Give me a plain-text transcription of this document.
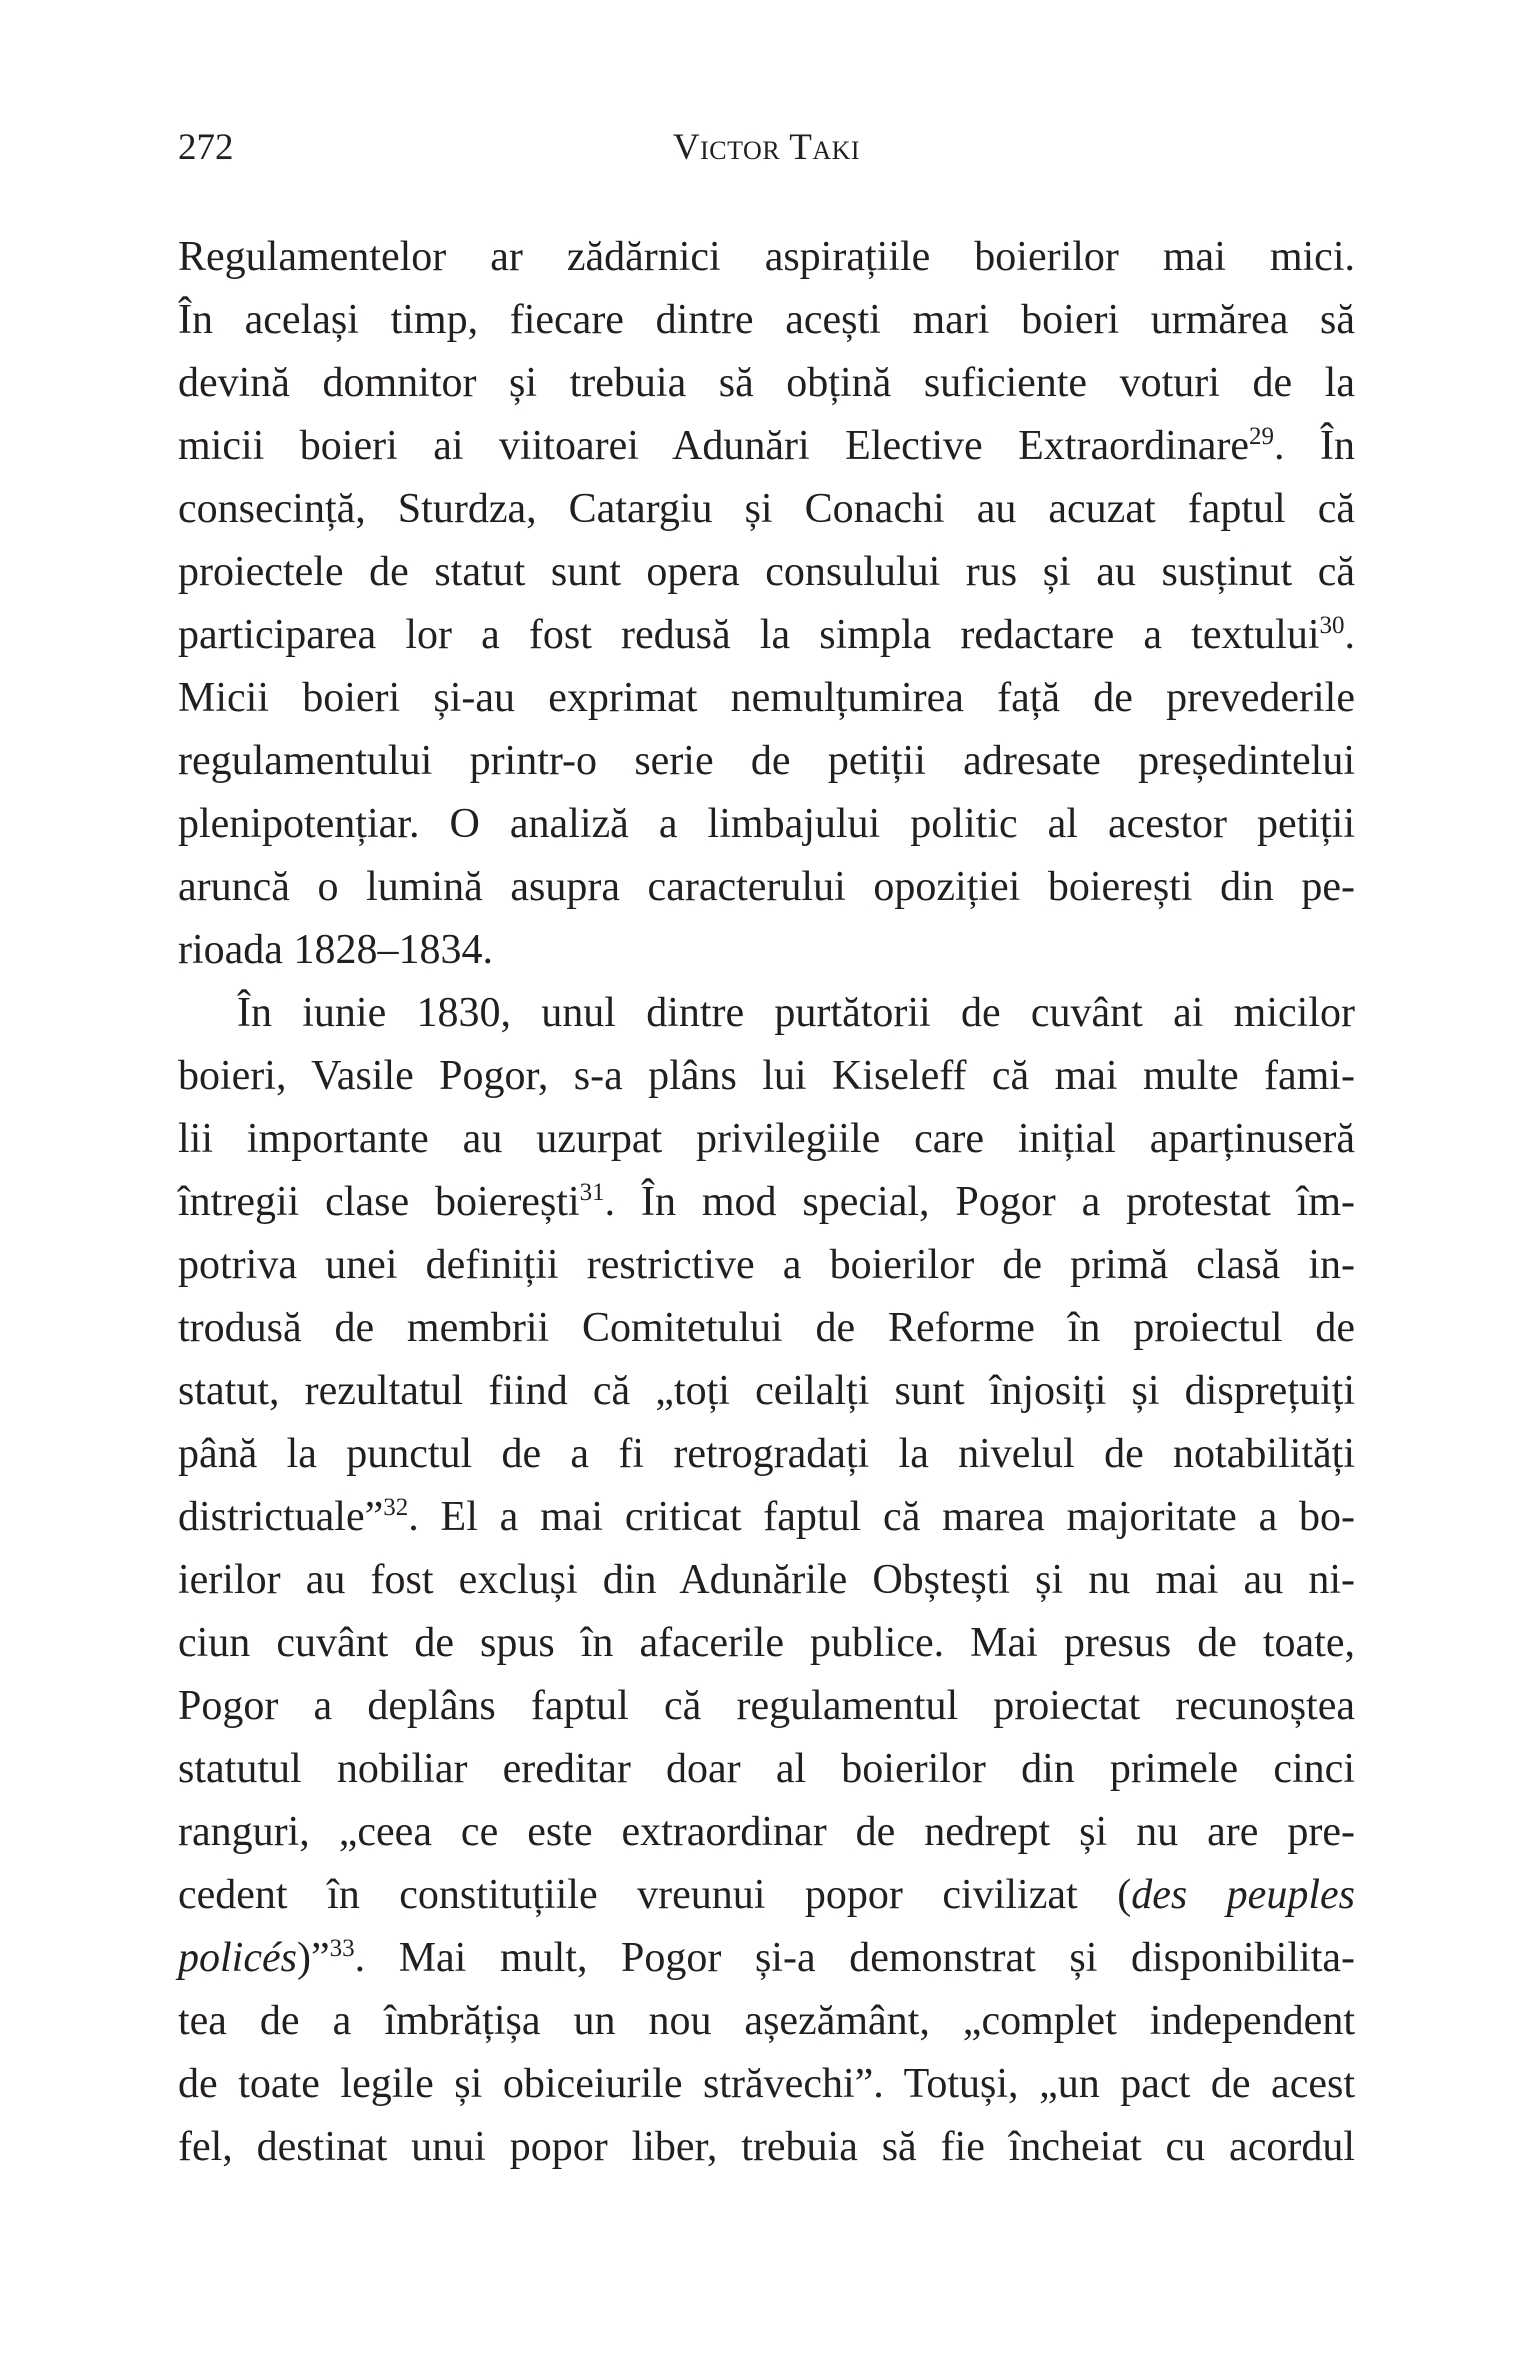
272	Victor Taki
Regulamentelor ar zădărnici aspirațiile boierilor mai mici.
În același timp, fiecare dintre acești mari boieri urmărea să
devină domnitor și trebuia să obțină suficiente voturi de la
micii boieri ai viitoarei Adunări Elective Extraordinare$^{29}$. În
consecință, Sturdza, Catargiu și Conachi au acuzat faptul că
proiectele de statut sunt opera consulului rus și au susținut că
participarea lor a fost redusă la simpla redactare a textului$^{30}$.
Micii boieri și-au exprimat nemulțumirea față de prevederile
regulamentului printr-o serie de petiții adresate președintelui
plenipotențiar. O analiză a limbajului politic al acestor petiții
aruncă o lumină asupra caracterului opoziției boierești din pe-
rioada 1828–1834.
În iunie 1830, unul dintre purtătorii de cuvânt ai micilor
boieri, Vasile Pogor, s-a plâns lui Kiseleff că mai multe fami-
lii importante au uzurpat privilegiile care inițial aparținuseră
întregii clase boierești$^{31}$. În mod special, Pogor a protestat îm-
potriva unei definiții restrictive a boierilor de primă clasă in-
trodusă de membrii Comitetului de Reforme în proiectul de
statut, rezultatul fiind că „toți ceilalți sunt înjosiți și disprețuiți
până la punctul de a fi retrogradați la nivelul de notabilități
districtuale”$^{32}$. El a mai criticat faptul că marea majoritate a bo-
ierilor au fost excluși din Adunările Obștești și nu mai au ni-
ciun cuvânt de spus în afacerile publice. Mai presus de toate,
Pogor a deplâns faptul că regulamentul proiectat recunoștea
statutul nobiliar ereditar doar al boierilor din primele cinci
ranguri, „ceea ce este extraordinar de nedrept și nu are pre-
cedent în constituțiile vreunui popor civilizat (des peuples
policés)”$^{33}$. Mai mult, Pogor și-a demonstrat și disponibilita-
tea de a îmbrățișa un nou așezământ, „complet independent
de toate legile și obiceiurile străvechi”. Totuși, „un pact de acest
fel, destinat unui popor liber, trebuia să fie încheiat cu acordul
